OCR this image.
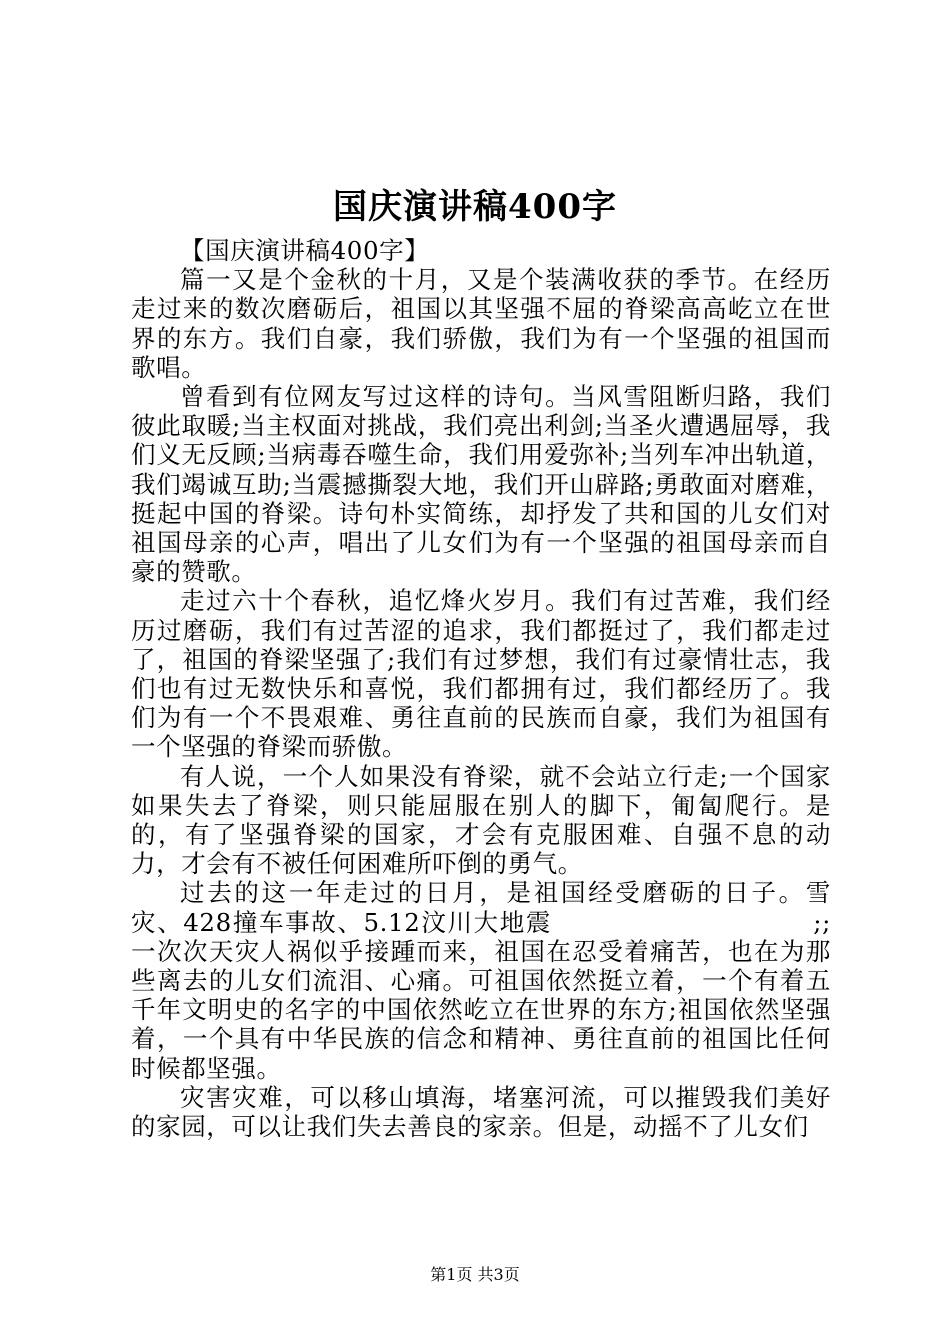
国庆演讲稿400字

【国庆演讲稿400字】

篇一又是个金秋的十月，又是个装满收获的季节。在经历走过来的数次磨砺后，祖国以其坚强不屈的脊梁高高屹立在世界的东方。我们自豪，我们骄傲，我们为有一个坚强的祖国而歌唱。

曾看到有位网友写过这样的诗句。当风雪阻断归路，我们彼此取暖;当主权面对挑战，我们亮出利剑;当圣火遭遇屈辱，我们义无反顾;当病毒吞噬生命，我们用爱弥补;当列车冲出轨道，我们竭诚互助;当震撼撕裂大地，我们开山辟路;勇敢面对磨难，挺起中国的脊梁。诗句朴实简练，却抒发了共和国的儿女们对祖国母亲的心声，唱出了儿女们为有一个坚强的祖国母亲而自豪的赞歌。

走过六十个春秋，追忆烽火岁月。我们有过苦难，我们经历过磨砺，我们有过苦涩的追求，我们都挺过了，我们都走过了，祖国的脊梁坚强了;我们有过梦想，我们有过豪情壮志，我们也有过无数快乐和喜悦，我们都拥有过，我们都经历了。我们为有一个不畏艰难、勇往直前的民族而自豪，我们为祖国有一个坚强的脊梁而骄傲。

有人说，一个人如果没有脊梁，就不会站立行走;一个国家如果失去了脊梁，则只能屈服在别人的脚下，匍匐爬行。是的，有了坚强脊梁的国家，才会有克服困难、自强不息的动力，才会有不被任何困难所吓倒的勇气。

过去的这一年走过的日月，是祖国经受磨砺的日子。雪灾、428撞车事故、5.12汶川大地震　　　　　　　　　　;;一次次天灾人祸似乎接踵而来，祖国在忍受着痛苦，也在为那些离去的儿女们流泪、心痛。可祖国依然挺立着，一个有着五千年文明史的名字的中国依然屹立在世界的东方;祖国依然坚强着，一个具有中华民族的信念和精神、勇往直前的祖国比任何时候都坚强。

灾害灾难，可以移山填海，堵塞河流，可以摧毁我们美好的家园，可以让我们失去善良的家亲。但是，动摇不了儿女们

第1页 共3页
